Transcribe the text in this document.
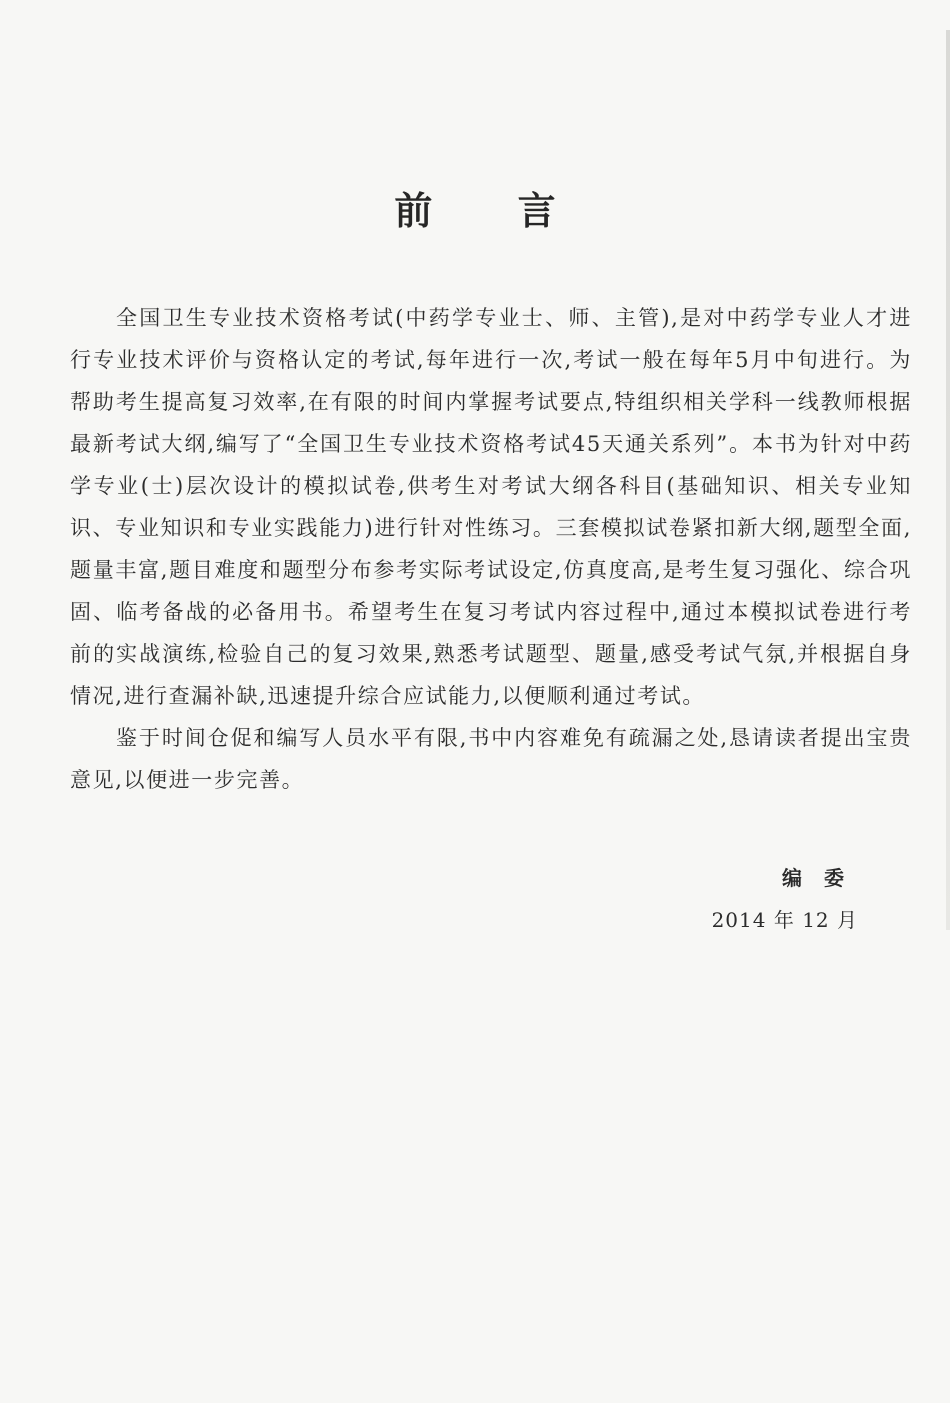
前 言

全国卫生专业技术资格考试(中药学专业士、师、主管),是对中药学专业人才进行专业技术评价与资格认定的考试,每年进行一次,考试一般在每年5月中旬进行。为帮助考生提高复习效率,在有限的时间内掌握考试要点,特组织相关学科一线教师根据最新考试大纲,编写了“全国卫生专业技术资格考试45天通关系列”。本书为针对中药学专业(士)层次设计的模拟试卷,供考生对考试大纲各科目(基础知识、相关专业知识、专业知识和专业实践能力)进行针对性练习。三套模拟试卷紧扣新大纲,题型全面,题量丰富,题目难度和题型分布参考实际考试设定,仿真度高,是考生复习强化、综合巩固、临考备战的必备用书。希望考生在复习考试内容过程中,通过本模拟试卷进行考前的实战演练,检验自己的复习效果,熟悉考试题型、题量,感受考试气氛,并根据自身情况,进行查漏补缺,迅速提升综合应试能力,以便顺利通过考试。

鉴于时间仓促和编写人员水平有限,书中内容难免有疏漏之处,恳请读者提出宝贵意见,以便进一步完善。

编委
2014 年 12 月
